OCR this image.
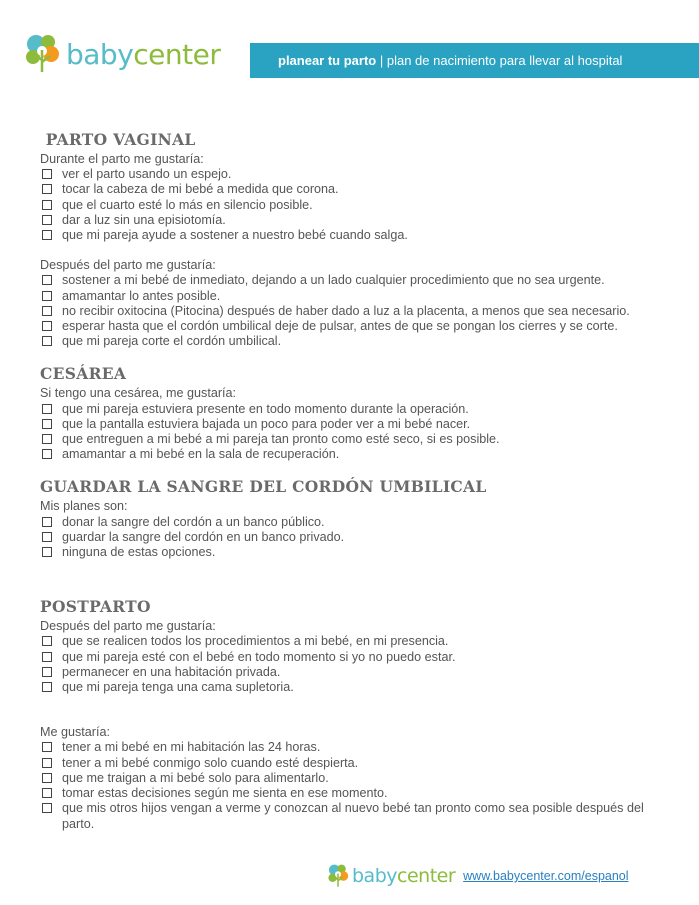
babycenter	planear tu parto | plan de nacimiento para llevar al hospital
PARTO VAGINAL
Durante el parto me gustaría:
ver el parto usando un espejo.
tocar la cabeza de mi bebé a medida que corona.
que el cuarto esté lo más en silencio posible.
dar a luz sin una episiotomía.
que mi pareja ayude a sostener a nuestro bebé cuando salga.
Después del parto me gustaría:
sostener a mi bebé de inmediato, dejando a un lado cualquier procedimiento que no sea urgente.
amamantar lo antes posible.
no recibir oxitocina (Pitocina) después de haber dado a luz a la placenta, a menos que sea necesario.
esperar hasta que el cordón umbilical deje de pulsar, antes de que se pongan los cierres y se corte.
que mi pareja corte el cordón umbilical.
CESÁREA
Si tengo una cesárea, me gustaría:
que mi pareja estuviera presente en todo momento durante la operación.
que la pantalla estuviera bajada un poco para poder ver a mi bebé nacer.
que entreguen a mi bebé a mi pareja tan pronto como esté seco, si es posible.
amamantar a mi bebé en la sala de recuperación.
GUARDAR LA SANGRE DEL CORDÓN UMBILICAL
Mis planes son:
donar la sangre del cordón a un banco público.
guardar la sangre del cordón en un banco privado.
ninguna de estas opciones.
POSTPARTO
Después del parto me gustaría:
que se realicen todos los procedimientos a mi bebé, en mi presencia.
que mi pareja esté con el bebé en todo momento si yo no puedo estar.
permanecer en una habitación privada.
que mi pareja tenga una cama supletoria.
Me gustaría:
tener a mi bebé en mi habitación las 24 horas.
tener a mi bebé conmigo solo cuando esté despierta.
que me traigan a mi bebé solo para alimentarlo.
tomar estas decisiones según me sienta en ese momento.
que mis otros hijos vengan a verme y conozcan al nuevo bebé tan pronto como sea posible después del parto.
babycenter www.babycenter.com/espanol
